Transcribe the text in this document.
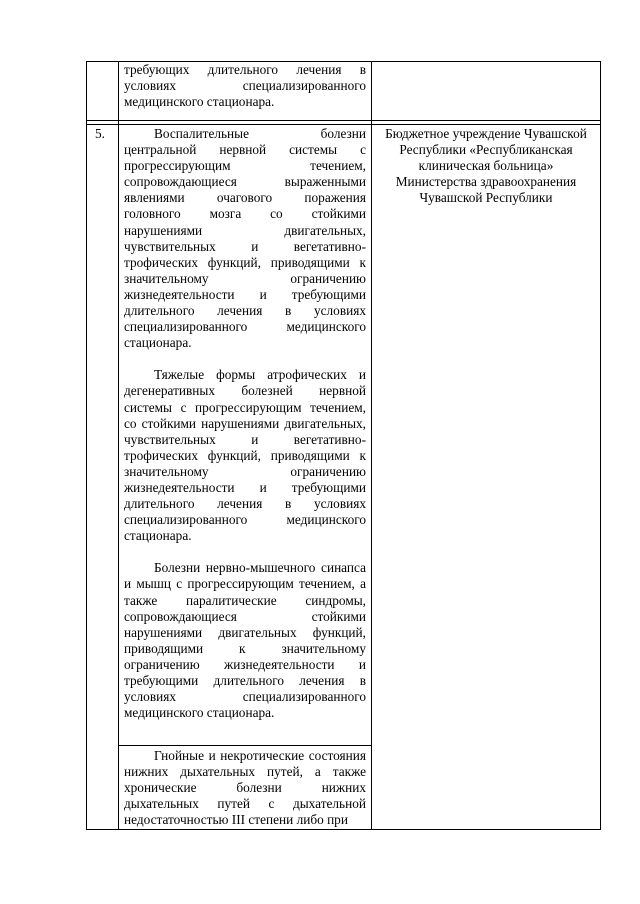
требующих длительного лечения в условиях специализированного медицинского стационара.

5.	Воспалительные болезни центральной нервной системы с прогрессирующим течением, сопровождающиеся выраженными явлениями очагового поражения головного мозга со стойкими нарушениями двигательных, чувствительных и вегетативно-трофических функций, приводящими к значительному ограничению жизнедеятельности и требующими длительного лечения в условиях специализированного медицинского стационара.

Тяжелые формы атрофических и дегенеративных болезней нервной системы с прогрессирующим течением, со стойкими нарушениями двигательных, чувствительных и вегетативно-трофических функций, приводящими к значительному ограничению жизнедеятельности и требующими длительного лечения в условиях специализированного медицинского стационара.

Болезни нервно-мышечного синапса и мышц с прогрессирующим течением, а также паралитические синдромы, сопровождающиеся стойкими нарушениями двигательных функций, приводящими к значительному ограничению жизнедеятельности и требующими длительного лечения в условиях специализированного медицинского стационара.

Гнойные и некротические состояния нижних дыхательных путей, а также хронические болезни нижних дыхательных путей с дыхательной недостаточностью III степени либо при

Бюджетное учреждение Чувашской Республики «Республиканская клиническая больница» Министерства здравоохранения Чувашской Республики
